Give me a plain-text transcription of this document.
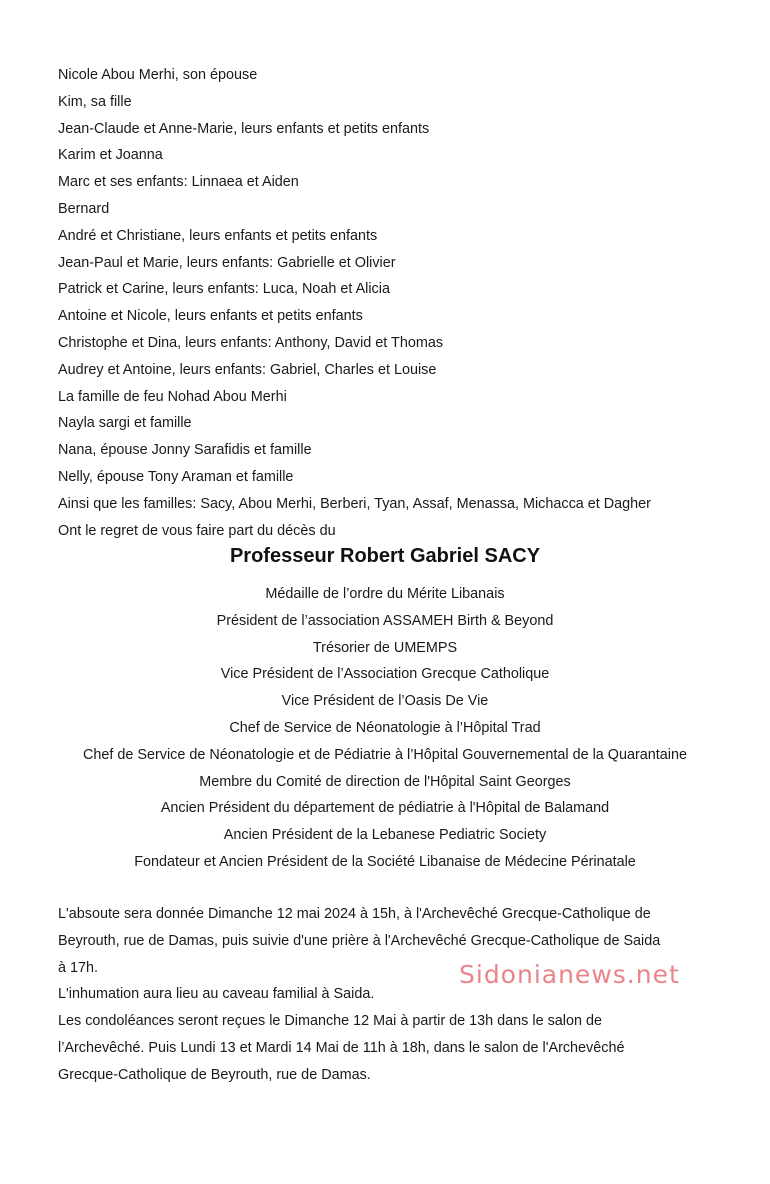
Nicole Abou Merhi, son épouse
Kim, sa fille
Jean-Claude et Anne-Marie, leurs enfants et petits enfants
Karim et Joanna
Marc et ses enfants: Linnaea et Aiden
Bernard
André et Christiane, leurs enfants et petits enfants
Jean-Paul et Marie, leurs enfants: Gabrielle et Olivier
Patrick et Carine, leurs enfants: Luca, Noah et Alicia
Antoine et Nicole, leurs enfants et petits enfants
Christophe et Dina, leurs enfants: Anthony, David et Thomas
Audrey et Antoine, leurs enfants: Gabriel, Charles et Louise
La famille de feu Nohad Abou Merhi
Nayla sargi et famille
Nana, épouse Jonny Sarafidis et famille
Nelly, épouse Tony Araman et famille
Ainsi que les familles: Sacy, Abou Merhi, Berberi, Tyan, Assaf, Menassa, Michacca et Dagher
Ont le regret de vous faire part du décès du
Professeur Robert Gabriel SACY
Médaille de l’ordre du Mérite Libanais
Président de l’association ASSAMEH Birth & Beyond
Trésorier de UMEMPS
Vice Président de l’Association Grecque Catholique
Vice Président de l’Oasis De Vie
Chef de Service de Néonatologie à l’Hôpital Trad
Chef de Service de Néonatologie et de Pédiatrie à l’Hôpital Gouvernemental de la Quarantaine
Membre du Comité de direction de l'Hôpital Saint Georges
Ancien Président du département de pédiatrie à l'Hôpital de Balamand
Ancien Président de la Lebanese Pediatric Society
Fondateur et Ancien Président de la Société Libanaise de Médecine Périnatale
L'absoute sera donnée Dimanche 12 mai 2024 à 15h, à l'Archevêché Grecque-Catholique de
Beyrouth, rue de Damas, puis suivie d'une prière à l'Archevêché Grecque-Catholique de Saida
à 17h.
L'inhumation aura lieu au caveau familial à Saida.
Les condoléances seront reçues le Dimanche 12 Mai à partir de 13h dans le salon de
l’Archevêché. Puis Lundi 13 et Mardi 14 Mai de 11h à 18h, dans le salon de l'Archevêché
Grecque-Catholique de Beyrouth, rue de Damas.
Sidonianews.net
